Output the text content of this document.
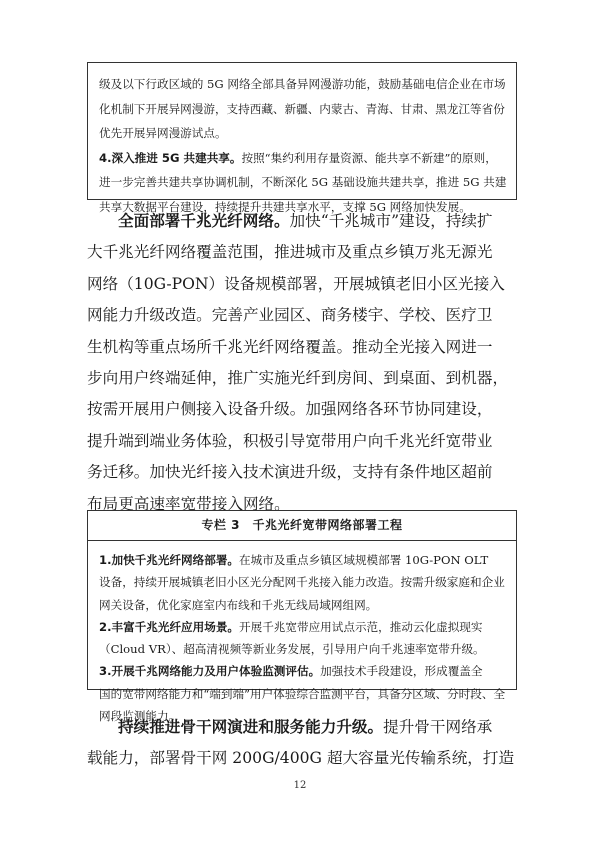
级及以下行政区域的 5G 网络全部具备异网漫游功能，鼓励基础电信企业在市场

化机制下开展异网漫游，支持西藏、新疆、内蒙古、青海、甘肃、黑龙江等省份

优先开展异网漫游试点。

4.深入推进 5G 共建共享。按照“集约利用存量资源、能共享不新建”的原则，

进一步完善共建共享协调机制，不断深化 5G 基础设施共建共享，推进 5G 共建

共享大数据平台建设，持续提升共建共享水平，支撑 5G 网络加快发展。

全面部署千兆光纤网络。加快“千兆城市”建设，持续扩
大千兆光纤网络覆盖范围，推进城市及重点乡镇万兆无源光
网络（10G-PON）设备规模部署，开展城镇老旧小区光接入
网能力升级改造。完善产业园区、商务楼宇、学校、医疗卫
生机构等重点场所千兆光纤网络覆盖。推动全光接入网进一
步向用户终端延伸，推广实施光纤到房间、到桌面、到机器，
按需开展用户侧接入设备升级。加强网络各环节协同建设，
提升端到端业务体验，积极引导宽带用户向千兆光纤宽带业
务迁移。加快光纤接入技术演进升级，支持有条件地区超前
布局更高速率宽带接入网络。
专栏 3　千兆光纤宽带网络部署工程

1.加快千兆光纤网络部署。在城市及重点乡镇区域规模部署 10G-PON OLT

设备，持续开展城镇老旧小区光分配网千兆接入能力改造。按需升级家庭和企业

网关设备，优化家庭室内布线和千兆无线局域网组网。

2.丰富千兆光纤应用场景。开展千兆宽带应用试点示范，推动云化虚拟现实

（Cloud VR）、超高清视频等新业务发展，引导用户向千兆速率宽带升级。

3.开展千兆网络能力及用户体验监测评估。加强技术手段建设，形成覆盖全

国的宽带网络能力和“端到端”用户体验综合监测平台，具备分区域、分时段、全

网段监测能力。

持续推进骨干网演进和服务能力升级。提升骨干网络承
载能力，部署骨干网 200G/400G 超大容量光传输系统，打造
12
